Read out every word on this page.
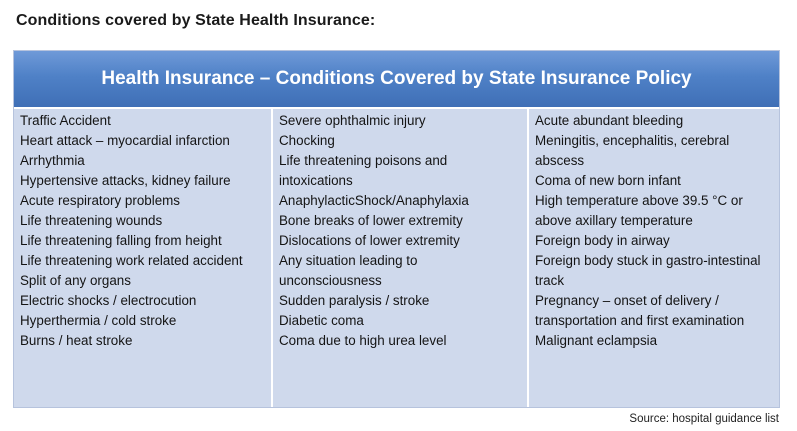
Conditions covered by State Health Insurance:
Health Insurance – Conditions Covered by State Insurance Policy
Traffic Accident
Heart attack – myocardial infarction
Arrhythmia
Hypertensive attacks, kidney failure
Acute respiratory problems
Life threatening wounds
Life threatening falling from height
Life threatening work related accident
Split of any organs
Electric shocks / electrocution
Hyperthermia / cold stroke
Burns / heat stroke
Severe ophthalmic injury
Chocking
Life threatening poisons and intoxications
AnaphylacticShock/Anaphylaxia
Bone breaks of lower extremity
Dislocations of lower extremity
Any situation leading to unconsciousness
Sudden paralysis / stroke
Diabetic coma
Coma due to high urea level
Acute abundant bleeding
Meningitis, encephalitis, cerebral abscess
Coma of new born infant
High temperature above 39.5 °C or above axillary temperature
Foreign body in airway
Foreign body stuck in gastro-intestinal track
Pregnancy – onset of delivery / transportation and first examination
Malignant eclampsia
Source: hospital guidance list
